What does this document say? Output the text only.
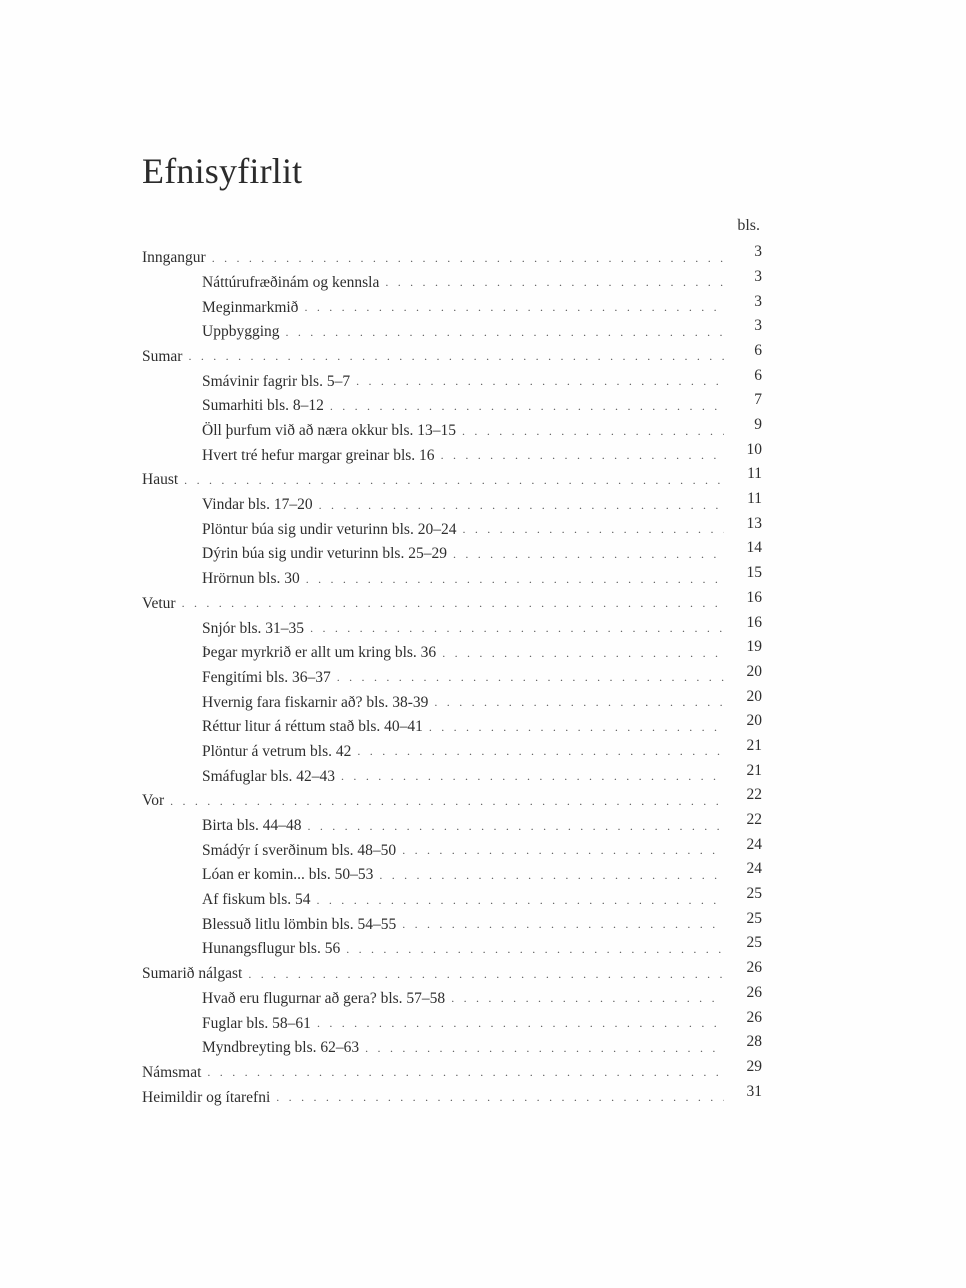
Efnisyfirlit
bls.
Inngangur . . .	3
Náttúrufræðinám og kennsla . . .	3
Meginmarkmið . . .	3
Uppbygging . . .	3
Sumar . . .	6
Smávinir fagrir bls. 5–7 . . .	6
Sumarhiti bls. 8–12 . . .	7
Öll þurfum við að næra okkur bls. 13–15 . . .	9
Hvert tré hefur margar greinar bls. 16 . . .	10
Haust . . .	11
Vindar bls. 17–20 . . .	11
Plöntur búa sig undir veturinn bls. 20–24 . . .	13
Dýrin búa sig undir veturinn bls. 25–29 . . .	14
Hrörnun bls. 30 . . .	15
Vetur . . .	16
Snjór bls. 31–35 . . .	16
Þegar myrkrið er allt um kring bls. 36 . . .	19
Fengitími bls. 36–37 . . .	20
Hvernig fara fiskarnir að? bls. 38-39 . . .	20
Réttur litur á réttum stað bls. 40–41 . . .	20
Plöntur á vetrum bls. 42 . . .	21
Smáfuglar bls. 42–43 . . .	21
Vor . . .	22
Birta bls. 44–48 . . .	22
Smádýr í sverðinum bls. 48–50 . . .	24
Lóan er komin... bls. 50–53 . . .	24
Af fiskum bls. 54 . . .	25
Blessuð litlu lömbin bls. 54–55 . . .	25
Hunangsflugur bls. 56 . . .	25
Sumarið nálgast . . .	26
Hvað eru flugurnar að gera? bls. 57–58 . . .	26
Fuglar bls. 58–61 . . .	26
Myndbreyting bls. 62–63 . . .	28
Námsmat . . .	29
Heimildir og ítarefni . . .	31
